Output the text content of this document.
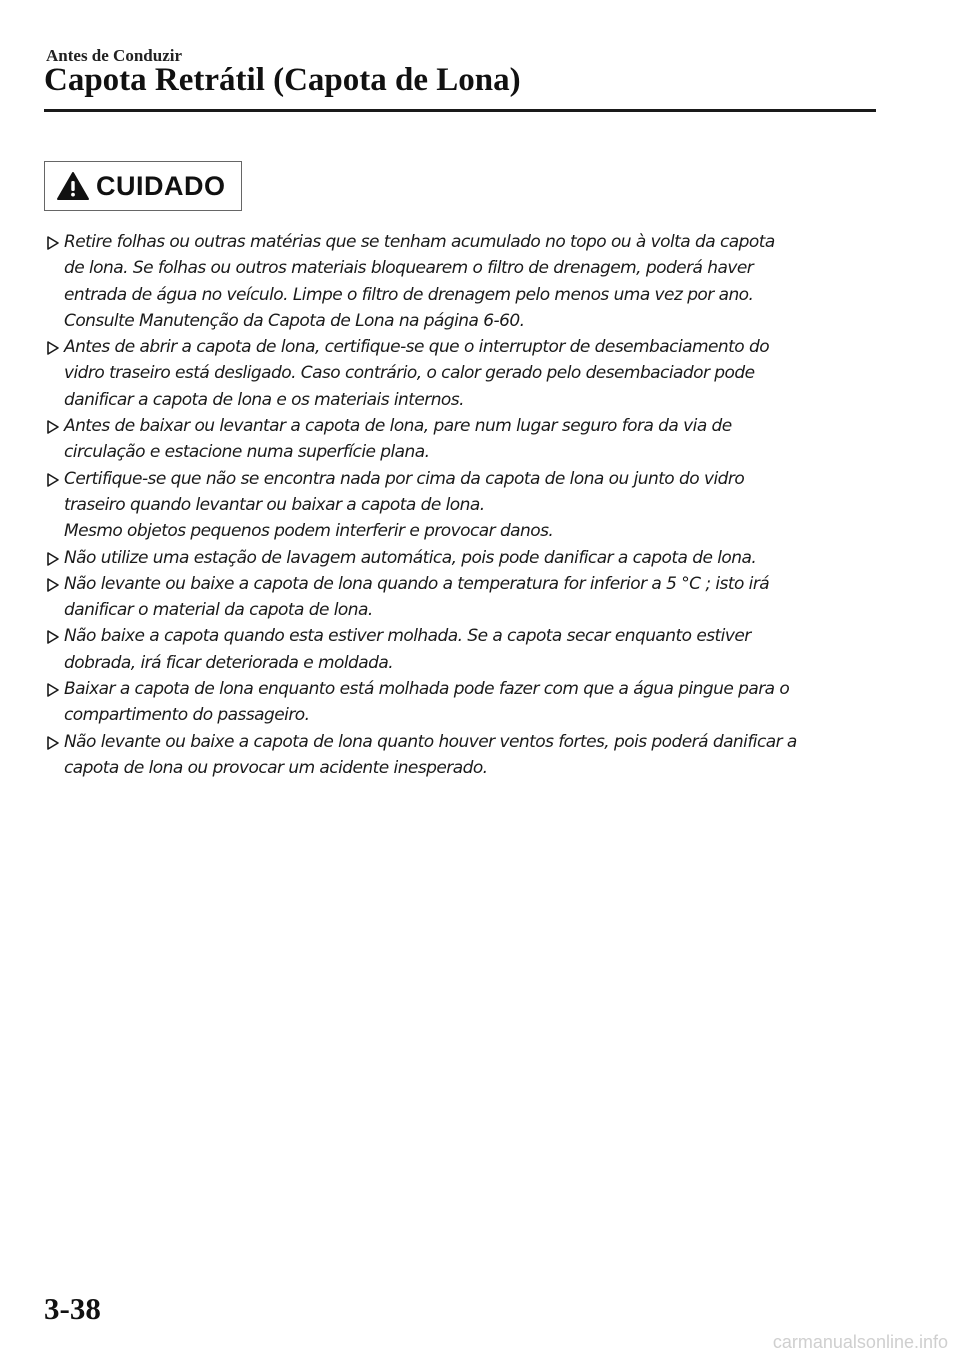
Antes de Conduzir
Capota Retrátil (Capota de Lona)
CUIDADO
Retire folhas ou outras matérias que se tenham acumulado no topo ou à volta da capota
de lona. Se folhas ou outros materiais bloquearem o filtro de drenagem, poderá haver
entrada de água no veículo. Limpe o filtro de drenagem pelo menos uma vez por ano.
Consulte Manutenção da Capota de Lona na página 6-60.
Antes de abrir a capota de lona, certifique-se que o interruptor de desembaciamento do
vidro traseiro está desligado. Caso contrário, o calor gerado pelo desembaciador pode
danificar a capota de lona e os materiais internos.
Antes de baixar ou levantar a capota de lona, pare num lugar seguro fora da via de
circulação e estacione numa superfície plana.
Certifique-se que não se encontra nada por cima da capota de lona ou junto do vidro
traseiro quando levantar ou baixar a capota de lona.
Mesmo objetos pequenos podem interferir e provocar danos.
Não utilize uma estação de lavagem automática, pois pode danificar a capota de lona.
Não levante ou baixe a capota de lona quando a temperatura for inferior a 5 °C ; isto irá
danificar o material da capota de lona.
Não baixe a capota quando esta estiver molhada. Se a capota secar enquanto estiver
dobrada, irá ficar deteriorada e moldada.
Baixar a capota de lona enquanto está molhada pode fazer com que a água pingue para o
compartimento do passageiro.
Não levante ou baixe a capota de lona quanto houver ventos fortes, pois poderá danificar a
capota de lona ou provocar um acidente inesperado.
3-38
carmanualsonline.info
